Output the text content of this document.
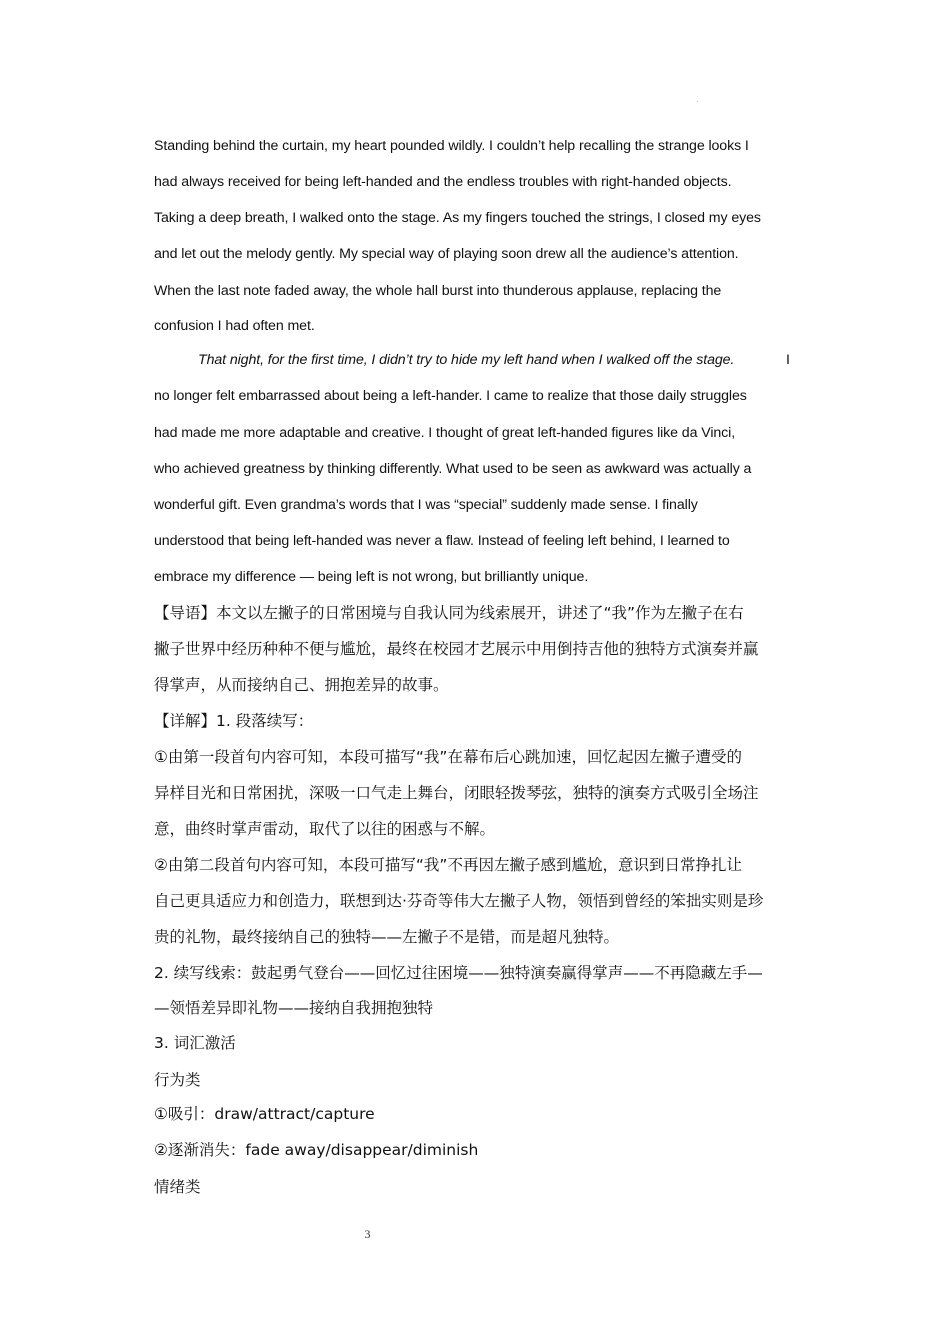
Standing behind the curtain, my heart pounded wildly. I couldn’t help recalling the strange looks I
had always received for being left-handed and the endless troubles with right-handed objects.
Taking a deep breath, I walked onto the stage. As my fingers touched the strings, I closed my eyes
and let out the melody gently. My special way of playing soon drew all the audience’s attention.
When the last note faded away, the whole hall burst into thunderous applause, replacing the
confusion I had often met.
That night, for the first time, I didn’t try to hide my left hand when I walked off the stage.	I
no longer felt embarrassed about being a left-hander. I came to realize that those daily struggles
had made me more adaptable and creative. I thought of great left-handed figures like da Vinci,
who achieved greatness by thinking differently. What used to be seen as awkward was actually a
wonderful gift. Even grandma’s words that I was “special” suddenly made sense. I finally
understood that being left-handed was never a flaw. Instead of feeling left behind, I learned to
embrace my difference — being left is not wrong, but brilliantly unique.
【导语】本文以左撇子的日常困境与自我认同为线索展开，讲述了“我”作为左撇子在右
撇子世界中经历种种不便与尴尬，最终在校园才艺展示中用倒持吉他的独特方式演奏并赢
得掌声，从而接纳自己、拥抱差异的故事。
【详解】1. 段落续写：
①由第一段首句内容可知，本段可描写“我”在幕布后心跳加速，回忆起因左撇子遭受的
异样目光和日常困扰，深吸一口气走上舞台，闭眼轻拨琴弦，独特的演奏方式吸引全场注
意，曲终时掌声雷动，取代了以往的困惑与不解。
②由第二段首句内容可知，本段可描写“我”不再因左撇子感到尴尬，意识到日常挣扎让
自己更具适应力和创造力，联想到达·芬奇等伟大左撇子人物，领悟到曾经的笨拙实则是珍
贵的礼物，最终接纳自己的独特——左撇子不是错，而是超凡独特。
2. 续写线索：鼓起勇气登台——回忆过往困境——独特演奏赢得掌声——不再隐藏左手—
—领悟差异即礼物——接纳自我拥抱独特
3. 词汇激活
行为类
①吸引：draw/attract/capture
②逐渐消失：fade away/disappear/diminish
情绪类
3
